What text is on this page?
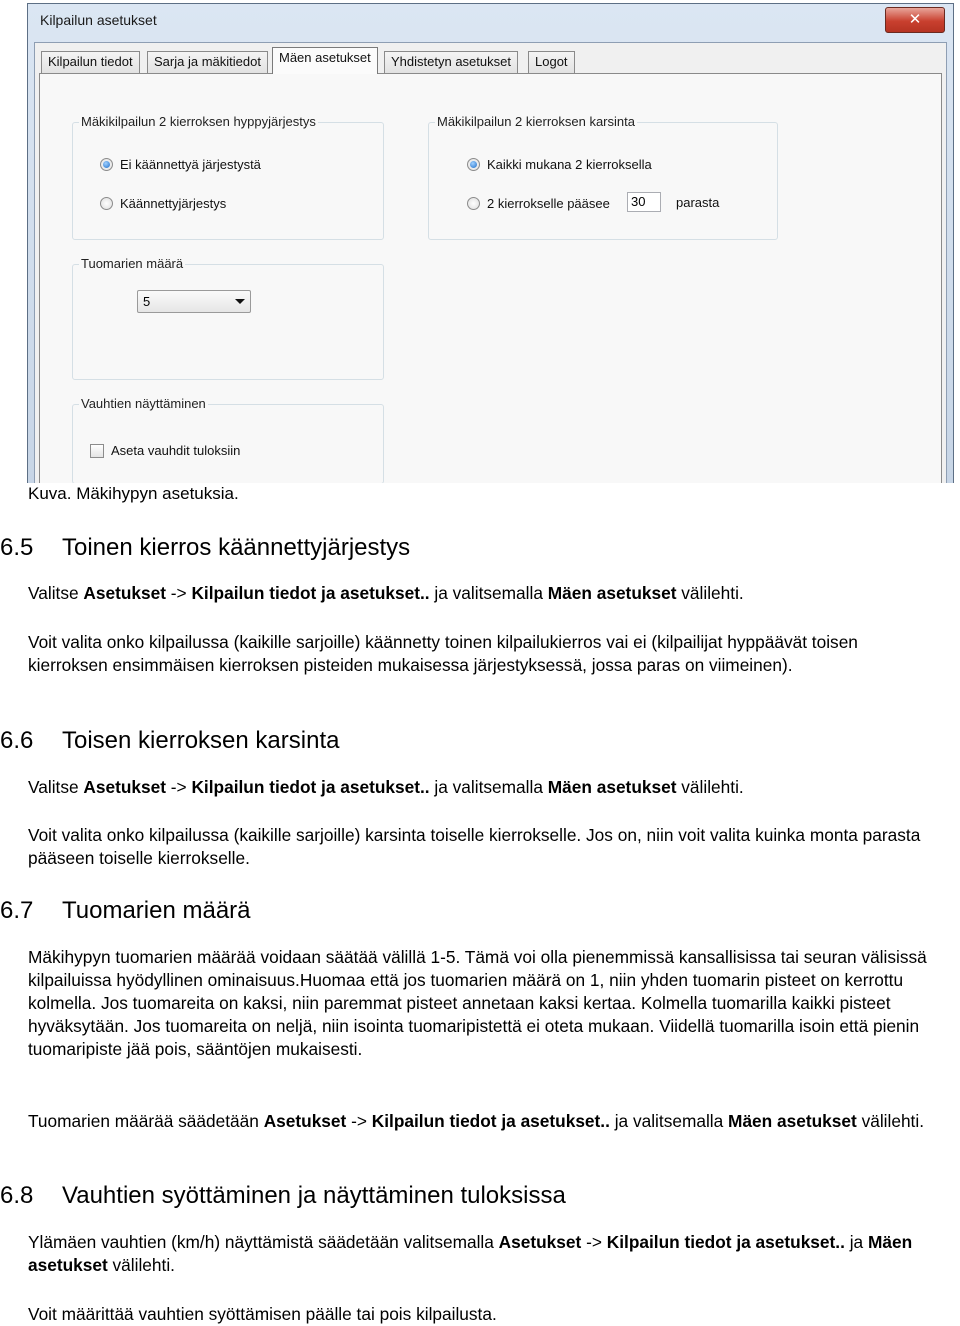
Kilpailun asetukset	✕
Kilpailun tiedot	Sarja ja mäkitiedot	Mäen asetukset	Yhdistetyn asetukset	Logot
Mäkikilpailun 2 kierroksen hyppyjärjestys
Ei käännettyä järjestystä
Käännettyjärjestys
Mäkikilpailun 2 kierroksen karsinta
Kaikki mukana 2 kierroksella
2 kierrokselle pääsee	30	parasta
Tuomarien määrä
5
Vauhtien näyttäminen
Aseta vauhdit tuloksiin
Kuva. Mäkihypyn asetuksia.
6.5 Toinen kierros käännettyjärjestys
Valitse Asetukset -> Kilpailun tiedot ja asetukset.. ja valitsemalla Mäen asetukset välilehti.
Voit valita onko kilpailussa (kaikille sarjoille) käännetty toinen kilpailukierros vai ei (kilpailijat hyppäävät toisen kierroksen ensimmäisen kierroksen pisteiden mukaisessa järjestyksessä, jossa paras on viimeinen).
6.6 Toisen kierroksen karsinta
Valitse Asetukset -> Kilpailun tiedot ja asetukset.. ja valitsemalla Mäen asetukset välilehti.
Voit valita onko kilpailussa (kaikille sarjoille) karsinta toiselle kierrokselle. Jos on, niin voit valita kuinka monta parasta pääseen toiselle kierrokselle.
6.7 Tuomarien määrä
Mäkihypyn tuomarien määrää voidaan säätää välillä 1-5. Tämä voi olla pienemmissä kansallisissa tai seuran välisissä kilpailuissa hyödyllinen ominaisuus.Huomaa että jos tuomarien määrä on 1, niin yhden tuomarin pisteet on kerrottu kolmella. Jos tuomareita on kaksi, niin paremmat pisteet annetaan kaksi kertaa. Kolmella tuomarilla kaikki pisteet hyväksytään. Jos tuomareita on neljä, niin isointa tuomaripistettä ei oteta mukaan. Viidellä tuomarilla isoin että pienin tuomaripiste jää pois, sääntöjen mukaisesti.
Tuomarien määrää säädetään Asetukset -> Kilpailun tiedot ja asetukset.. ja valitsemalla Mäen asetukset välilehti.
6.8 Vauhtien syöttäminen ja näyttäminen tuloksissa
Ylämäen vauhtien (km/h) näyttämistä säädetään valitsemalla Asetukset -> Kilpailun tiedot ja asetukset.. ja Mäen asetukset välilehti.
Voit määrittää vauhtien syöttämisen päälle tai pois kilpailusta.
